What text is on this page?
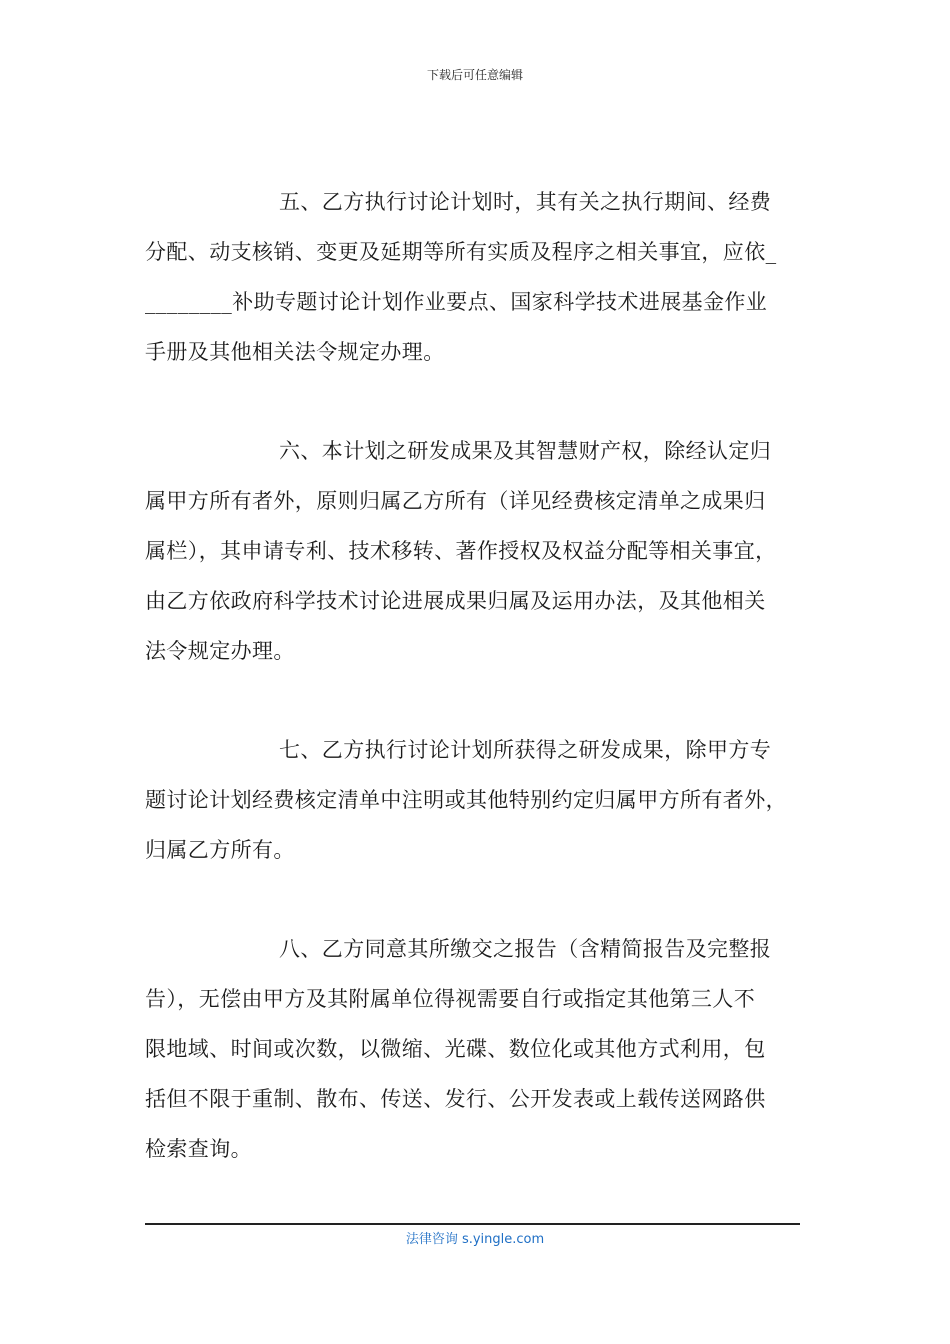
下载后可任意编辑

五、乙方执行讨论计划时，其有关之执行期间、经费
分配、动支核销、变更及延期等所有实质及程序之相关事宜，应依_
________补助专题讨论计划作业要点、国家科学技术进展基金作业
手册及其他相关法令规定办理。

六、本计划之研发成果及其智慧财产权，除经认定归
属甲方所有者外，原则归属乙方所有（详见经费核定清单之成果归
属栏），其申请专利、技术移转、著作授权及权益分配等相关事宜，
由乙方依政府科学技术讨论进展成果归属及运用办法，及其他相关
法令规定办理。

七、乙方执行讨论计划所获得之研发成果，除甲方专
题讨论计划经费核定清单中注明或其他特别约定归属甲方所有者外，
归属乙方所有。

八、乙方同意其所缴交之报告（含精简报告及完整报
告），无偿由甲方及其附属单位得视需要自行或指定其他第三人不
限地域、时间或次数，以微缩、光碟、数位化或其他方式利用，包
括但不限于重制、散布、传送、发行、公开发表或上载传送网路供
检索查询。

法律咨询 s.yingle.com
